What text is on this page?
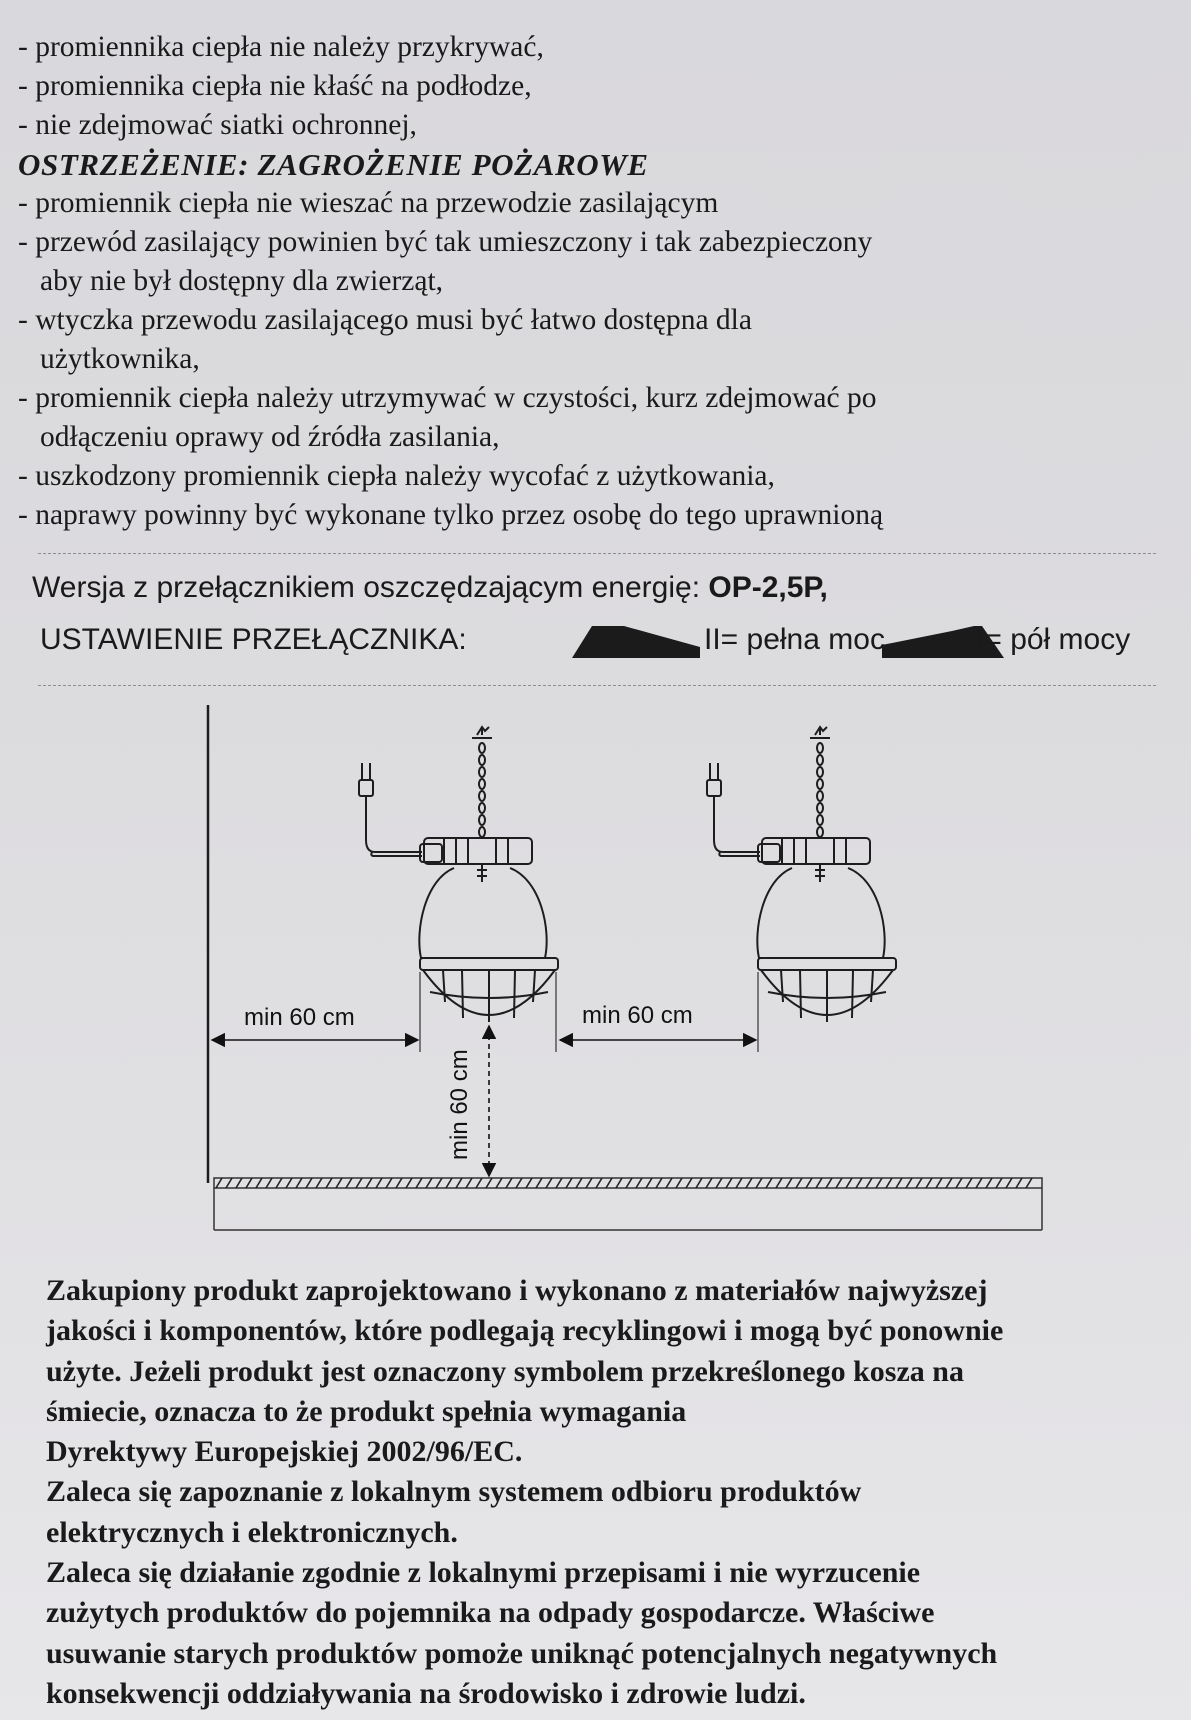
- promiennika ciepła nie należy przykrywać,
- promiennika ciepła nie kłaść na podłodze,
- nie zdejmować siatki ochronnej,
OSTRZEŻENIE: ZAGROŻENIE POŻAROWE
- promiennik ciepła nie wieszać na przewodzie zasilającym
- przewód zasilający powinien być tak umieszczony i tak zabezpieczony
aby nie był dostępny dla zwierząt,
- wtyczka przewodu zasilającego musi być łatwo dostępna dla
użytkownika,
- promiennik ciepła należy utrzymywać w czystości, kurz zdejmować po
odłączeniu oprawy od źródła zasilania,
- uszkodzony promiennik ciepła należy wycofać z użytkowania,
- naprawy powinny być wykonane tylko przez osobę do tego uprawnioną
Wersja z przełącznikiem oszczędzającym energię: OP-2,5P,
USTAWIENIE PRZEŁĄCZNIKA:	II= pełna moc	I= pół mocy
min 60 cm	min 60 cm
min 60 cm
Zakupiony produkt zaprojektowano i wykonano z materiałów najwyższej
jakości i komponentów, które podlegają recyklingowi i mogą być ponownie
użyte. Jeżeli produkt jest oznaczony symbolem przekreślonego kosza na
śmiecie, oznacza to że produkt spełnia wymagania
Dyrektywy Europejskiej 2002/96/EC.
Zaleca się zapoznanie z lokalnym systemem odbioru produktów
elektrycznych i elektronicznych.
Zaleca się działanie zgodnie z lokalnymi przepisami i nie wyrzucenie
zużytych produktów do pojemnika na odpady gospodarcze. Właściwe
usuwanie starych produktów pomoże uniknąć potencjalnych negatywnych
konsekwencji oddziaływania na środowisko i zdrowie ludzi.
